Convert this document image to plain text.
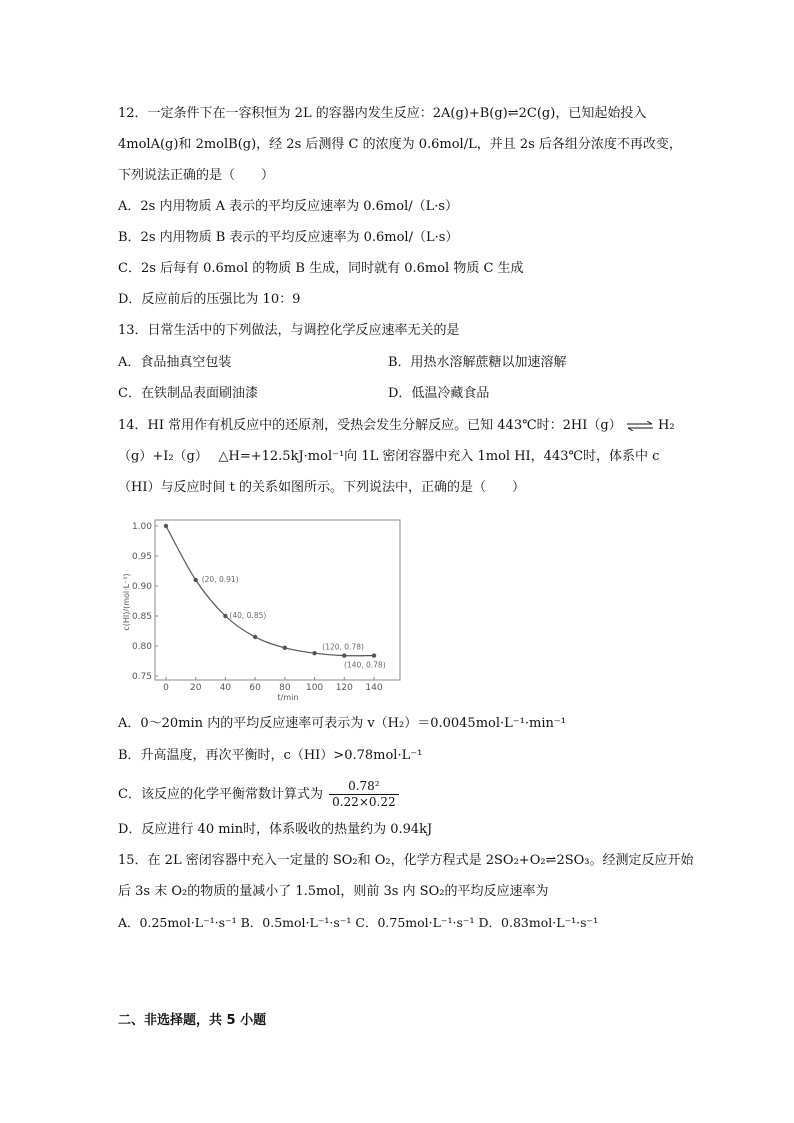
12．一定条件下在一容积恒为 2L 的容器内发生反应：2A(g)+B(g)⇌2C(g)，已知起始投入
4molA(g)和 2molB(g)，经 2s 后测得 C 的浓度为 0.6mol/L，并且 2s 后各组分浓度不再改变，
下列说法正确的是（　　）
A．2s 内用物质 A 表示的平均反应速率为 0.6mol/（L·s）
B．2s 内用物质 B 表示的平均反应速率为 0.6mol/（L·s）
C．2s 后每有 0.6mol 的物质 B 生成，同时就有 0.6mol 物质 C 生成
D．反应前后的压强比为 10：9
13．日常生活中的下列做法，与调控化学反应速率无关的是
A．食品抽真空包装	B．用热水溶解蔗糖以加速溶解
C．在铁制品表面刷油漆	D．低温冷藏食品
14．HI 常用作有机反应中的还原剂，受热会发生分解反应。已知 443℃时：2HI（g） ⇌ H₂
（g）+I₂（g）　 △H=+12.5kJ·mol⁻¹向 1L 密闭容器中充入 1mol HI，443℃时，体系中 c
（HI）与反应时间 t 的关系如图所示。下列说法中，正确的是（　　）
0 20 40 60 80 100 120 140
1.00
0.95
0.90
0.85
0.80
0.75
c(HI)/(mol·L⁻¹)
t/min
(20, 0.91)
(40, 0.85)
(120, 0.78)
(140, 0.78)
A．0～20min 内的平均反应速率可表示为 v（H₂）＝0.0045mol·L⁻¹·min⁻¹
B．升高温度，再次平衡时，c（HI）>0.78mol·L⁻¹
C．该反应的化学平衡常数计算式为 $\frac{\text{0.78²}}{0.22\times 0.22}$
D．反应进行 40 min时，体系吸收的热量约为 0.94kJ
15．在 2L 密闭容器中充入一定量的 SO₂和 O₂，化学方程式是 2SO₂+O₂⇌2SO₃。经测定反应开始
后 3s 末 O₂的物质的量减小了 1.5mol，则前 3s 内 SO₂的平均反应速率为
A．0.25mol·L⁻¹·s⁻¹ B．0.5mol·L⁻¹·s⁻¹ C．0.75mol·L⁻¹·s⁻¹ D．0.83mol·L⁻¹·s⁻¹
二、非选择题，共 5 小题
